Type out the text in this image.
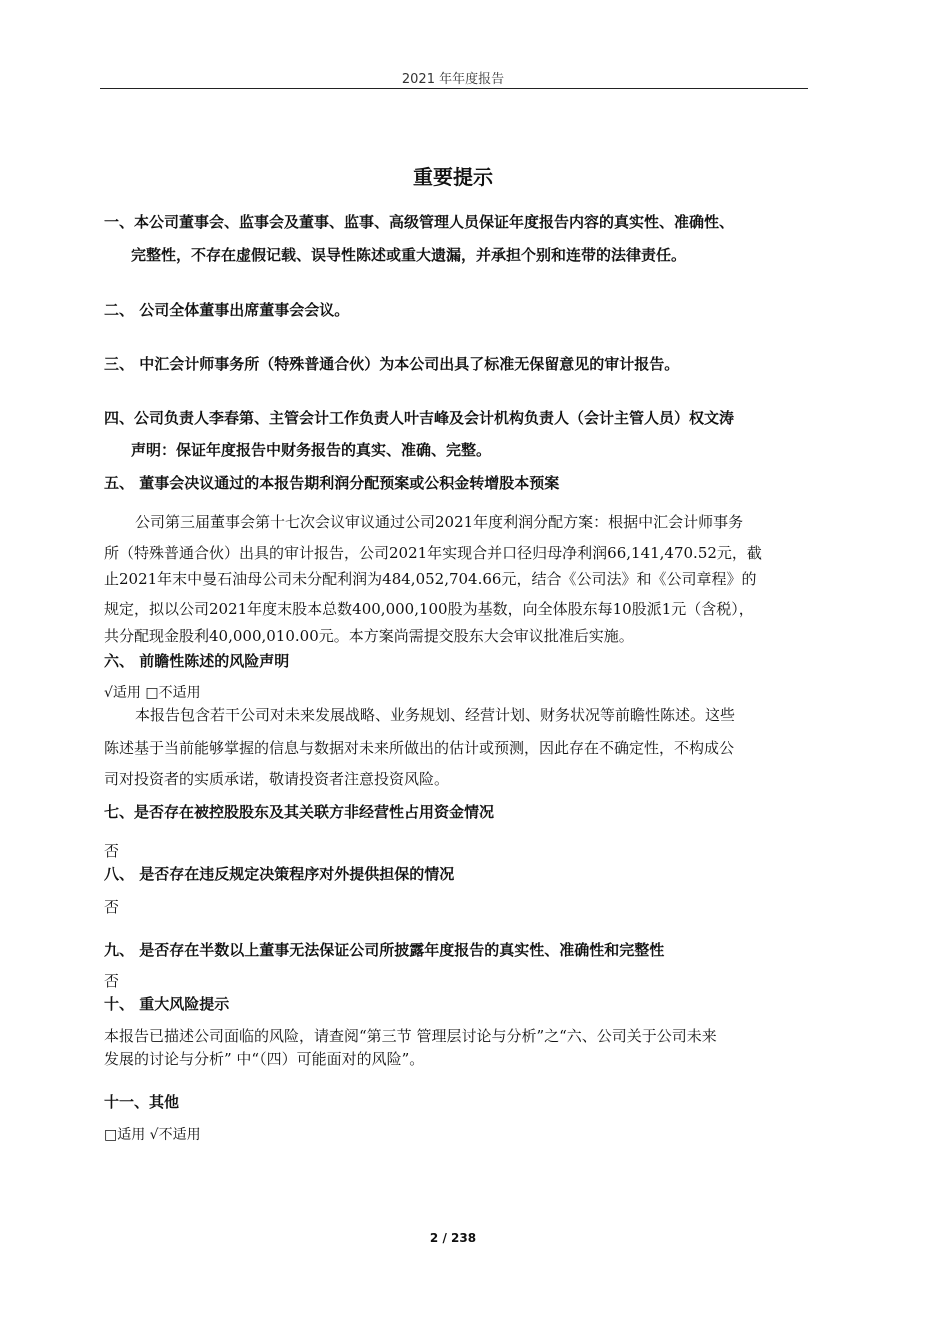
2021 年年度报告
重要提示
一、本公司董事会、监事会及董事、监事、高级管理人员保证年度报告内容的真实性、准确性、
完整性，不存在虚假记载、误导性陈述或重大遗漏，并承担个别和连带的法律责任。
二、 公司全体董事出席董事会会议。
三、 中汇会计师事务所（特殊普通合伙）为本公司出具了标准无保留意见的审计报告。
四、公司负责人李春第、主管会计工作负责人叶吉峰及会计机构负责人（会计主管人员）权文涛
声明：保证年度报告中财务报告的真实、准确、完整。
五、 董事会决议通过的本报告期利润分配预案或公积金转增股本预案
公司第三届董事会第十七次会议审议通过公司2021年度利润分配方案：根据中汇会计师事务
所（特殊普通合伙）出具的审计报告，公司2021年实现合并口径归母净利润66,141,470.52元，截
止2021年末中曼石油母公司未分配利润为484,052,704.66元，结合《公司法》和《公司章程》的
规定，拟以公司2021年度末股本总数400,000,100股为基数，向全体股东每10股派1元（含税），
共分配现金股利40,000,010.00元。本方案尚需提交股东大会审议批准后实施。
六、 前瞻性陈述的风险声明
√适用 □不适用
本报告包含若干公司对未来发展战略、业务规划、经营计划、财务状况等前瞻性陈述。这些
陈述基于当前能够掌握的信息与数据对未来所做出的估计或预测，因此存在不确定性，不构成公
司对投资者的实质承诺，敬请投资者注意投资风险。
七、是否存在被控股股东及其关联方非经营性占用资金情况
否
八、 是否存在违反规定决策程序对外提供担保的情况
否
九、 是否存在半数以上董事无法保证公司所披露年度报告的真实性、准确性和完整性
否
十、 重大风险提示
本报告已描述公司面临的风险，请查阅“第三节 管理层讨论与分析”之“六、公司关于公司未来
发展的讨论与分析” 中“（四）可能面对的风险”。
十一、其他
□适用 √不适用
2 / 238
